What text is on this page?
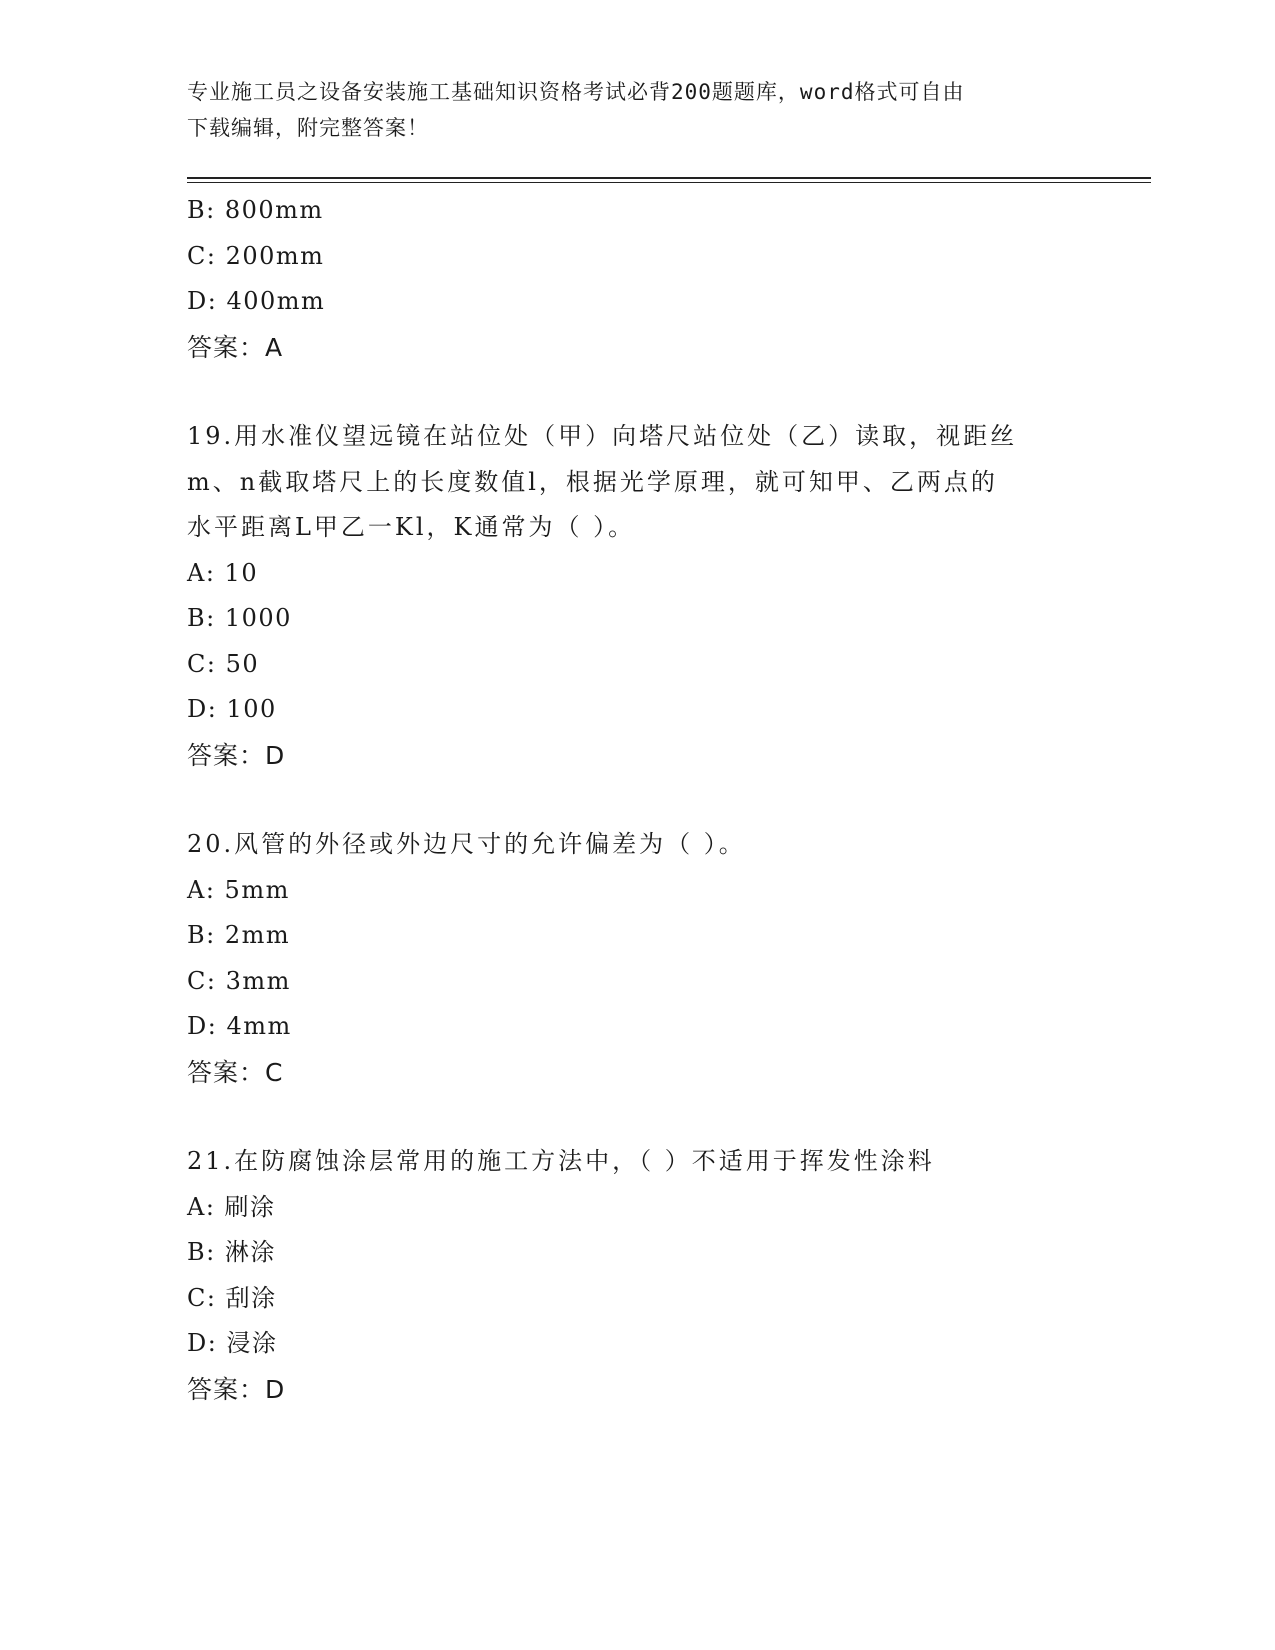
专业施工员之设备安装施工基础知识资格考试必背200题题库，word格式可自由
下载编辑，附完整答案！
B: 800mm
C: 200mm
D: 400mm
答案：A
19.用水准仪望远镜在站位处（甲）向塔尺站位处（乙）读取，视距丝
m、n截取塔尺上的长度数值l，根据光学原理，就可知甲、乙两点的
水平距离L甲乙一Kl，K通常为（ ）。
A: 10
B: 1000
C: 50
D: 100
答案：D
20.风管的外径或外边尺寸的允许偏差为（ ）。
A: 5mm
B: 2mm
C: 3mm
D: 4mm
答案：C
21.在防腐蚀涂层常用的施工方法中，（ ）不适用于挥发性涂料
A: 刷涂
B: 淋涂
C: 刮涂
D: 浸涂
答案：D
